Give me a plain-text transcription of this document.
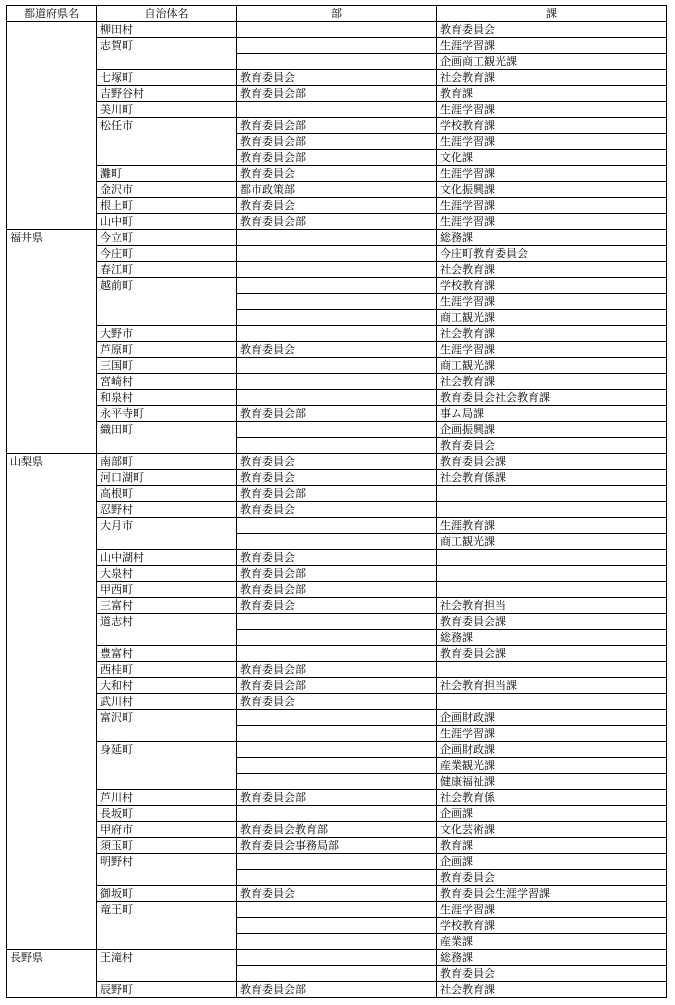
都道府県名	自治体名	部	課
	柳田村		教育委員会
	志賀町		生涯学習課
			企画商工観光課
	七塚町	教育委員会	社会教育課
	吉野谷村	教育委員会部	教育課
	美川町		生涯学習課
	松任市	教育委員会部	学校教育課
		教育委員会部	生涯学習課
		教育委員会部	文化課
	灘町	教育委員会	生涯学習課
	金沢市	都市政策部	文化振興課
	根上町	教育委員会	生涯学習課
	山中町	教育委員会部	生涯学習課
福井県	今立町		総務課
	今庄町		今庄町教育委員会
	春江町		社会教育課
	越前町		学校教育課
			生涯学習課
			商工観光課
	大野市		社会教育課
	芦原町	教育委員会	生涯学習課
	三国町		商工観光課
	宮崎村		社会教育課
	和泉村		教育委員会社会教育課
	永平寺町	教育委員会部	事ム局課
	織田町		企画振興課
			教育委員会
山梨県	南部町	教育委員会	教育委員会課
	河口湖町	教育委員会	社会教育係課
	高根町	教育委員会部	
	忍野村	教育委員会	
	大月市		生涯教育課
			商工観光課
	山中湖村	教育委員会	
	大泉村	教育委員会部	
	甲西町	教育委員会部	
	三富村	教育委員会	社会教育担当
	道志村		教育委員会課
			総務課
	豊富村		教育委員会課
	西桂町	教育委員会部	
	大和村	教育委員会部	社会教育担当課
	武川村	教育委員会	
	富沢町		企画財政課
			生涯学習課
	身延町		企画財政課
			産業観光課
			健康福祉課
	芦川村	教育委員会部	社会教育係
	長坂町		企画課
	甲府市	教育委員会教育部	文化芸術課
	須玉町	教育委員会事務局部	教育課
	明野村		企画課
			教育委員会
	御坂町	教育委員会	教育委員会生涯学習課
	竜王町		生涯学習課
			学校教育課
			産業課
長野県	王滝村		総務課
			教育委員会
	辰野町	教育委員会部	社会教育課
